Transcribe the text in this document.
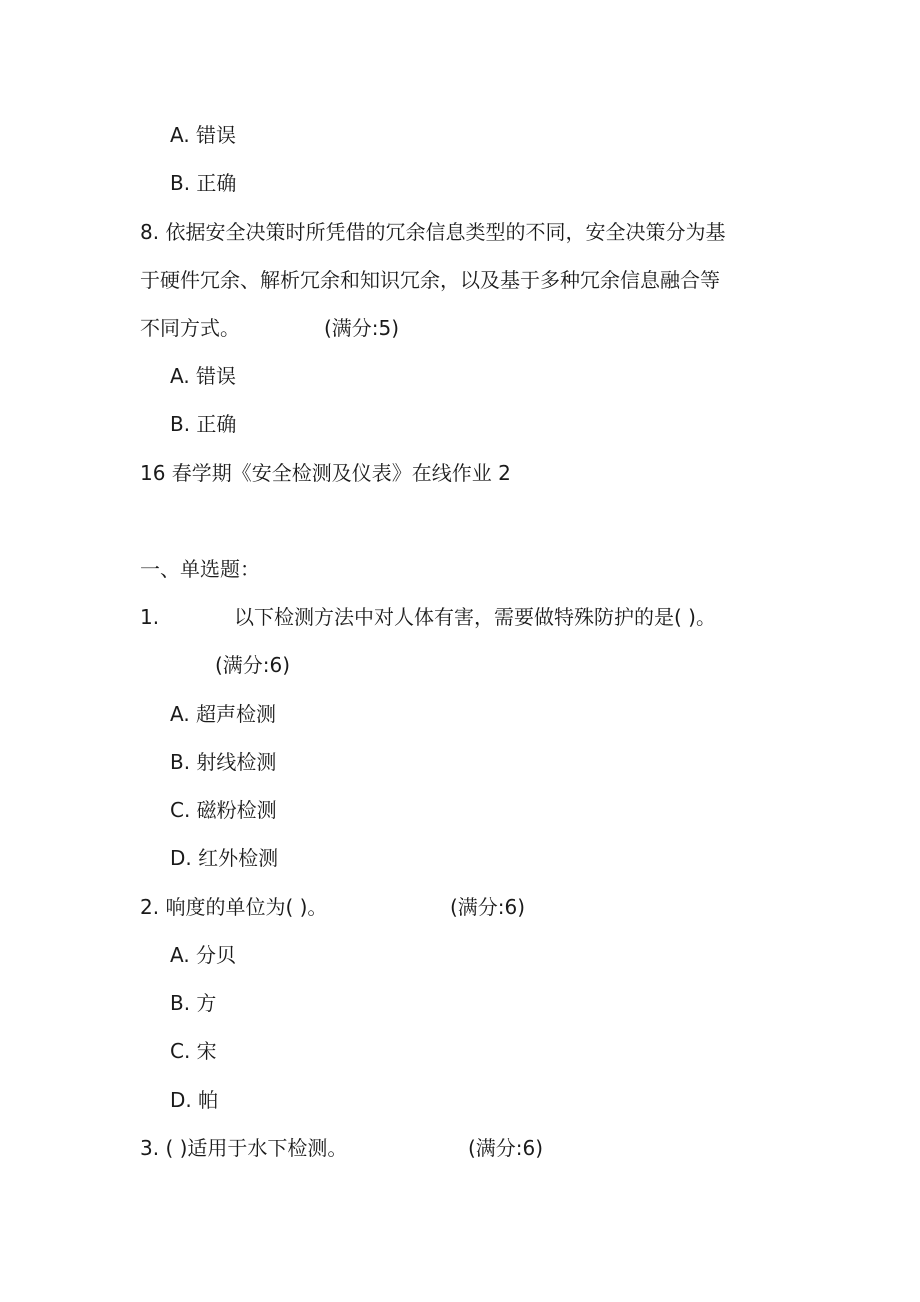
A. 错误
B. 正确
8. 依据安全决策时所凭借的冗余信息类型的不同，安全决策分为基
于硬件冗余、解析冗余和知识冗余，以及基于多种冗余信息融合等
不同方式。	(满分:5)
A. 错误
B. 正确
16 春学期《安全检测及仪表》在线作业 2
一、单选题：
1.	以下检测方法中对人体有害，需要做特殊防护的是( )。
(满分:6)
A. 超声检测
B. 射线检测
C. 磁粉检测
D. 红外检测
2. 响度的单位为( )。	(满分:6)
A. 分贝
B. 方
C. 宋
D. 帕
3. ( )适用于水下检测。	(满分:6)
